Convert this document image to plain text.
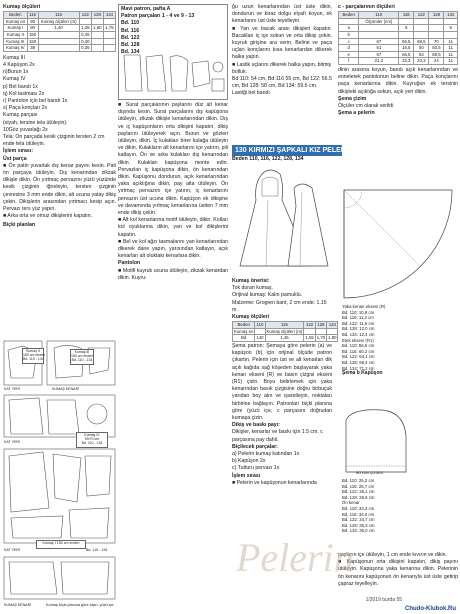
Kumaş ölçüleri
Beden	116	116	122	128	134
Kumaş en	90	Kumaş ölçüleri (m)			
Kumaş I	90	1,40	1,35	1,60	1,75
Kumaş II	150		0,45		
Kumaş III	150		0,40		
Kumaş IV	38		0,35		
Kumaş III
4 Kapüşon 2x
n)Burun 1x
Kumaş IV
p) Bel bandı 1x
q) Kol taslması 2x
r) Pantolon için bel bandı 1x
s) Paça konçları 2x
Kumaş parçası
(siyah, tersine tela ütüleyin):
10Göz yuvarlağı 2x
Tela: On parçada kesik çizginin tersten 2 cm ende tela ütüleyin.
İşlem sırası:
Üst parça
■ Ön patin yuvarlak dış kenar payını kesin. Pati ön parçaya ütüleyin. Dış kenarından zikzak dikişle dikin. Ön yırtmaç pervazını yüzü yüzünde kesik çizginin iğneleyin, tersten çizginin çevresine 3 mm ende dikin, alt ucuna yatay dikiş çekin. Dikişlerin arasından yırtmacı kesip açın. Pervazı ters yüz yapın.
■ Arka orta ve omuz dikişlerini kapatın.
Biçki planları
Kumaş II
150 cm enden
Bd. 110 - 134
Kumaş III
150 cm enden
Bd. 110 - 134
KAT YERİ	KUMAŞ KENARI
Kumaş IV
90/70 cm
Bd. 110 - 134
KAT YERİ
Kumaş I 150 cm enden
KAT YERİ	Bd. 110 - 134
KUMAŞ KENARI	Kumaş biçki planına göre biçin, yüzü içe.
Mavi patron, pafta A
Patron parçaları 1 - 4 ve 9 - 13
Bd. 110
Bd. 116
Bd. 122
Bd. 128
Bd. 134
■ Surat parçalarının paylarını düz alt kenar dışında kesin. Surat parçalarını dış kapüşona ütüleyin, zikzak dikişle kenarlarından dikin. Dış ve iç kapüşonların orta dikişini kapatın, dikiş paylarını ütüleyerek açın. Burun ve gözleri ütüleyin, dikin. İç kulakları birer kulağa ütüleyin ve dikin. Kulakların alt kenarlarını içe yatırın, pili katlayın. Ön ve arka kulakları dış kenarından dikin. Kulakları kapüşona monte edin. Pervazları iç kapüşona dikin, ön kenarından dikin. Kapüşonu dondurun, açık kenarlarından yaka açıklığına dikin, pay alta ütüleyin. Ön yırtmaç pervazını içe yatırın, iç kenarlarını pervazın üst ucuna dikin. Kapüşon ek dikişine ve devamında yırtmaç kenarlarına üstten 7 mm ende dikiş çekin.
■ Alt kol kenarlarına motif ütüleyin, dikin. Kolları kol oyuklarına dikin, yan ve kol dikişlerini kapatın.
■ Bel ve kol ağzı tasmalarını yan kenarlarından dikerek daire yapın, yarısından katlayın, açık kenarları alt oluktaki kenarlara dikin.
Pantolon
■ Motifi kuyruk ucuna ütüleyin, zikzak kenardan dikin. Kuyru-
ğu uzun kenarlarından üst üste dikin, dondurun ve biraz dolgu elyafı koyun, ek kenarlarını üst üste teyelleyin.
■ Yan ve bacak arası dikişleri kapatın. Bacakları iç içe sokun ve orta dikişi çekin, kuyruk girişine ara verin. Beline ve paça uçları konçlarını kısa kenarlardan dikerek halka yapın.
■ Lastik uçlarını dikerek halka yapın, bitmiş bolluk:
Bd 110: 54 cm, Bd 116 55 cm, Bd 122: 56.5 cm, Bd 128: 58 cm, Bd 134: 59.5 cm. Lastiği bel bandı
130 KIRMIZI ŞAPKALI KIZ PELERİNİ
Beden 110, 116, 122, 128, 134
Kumaş önerisi:
Tok duran kumaş.
Orijinal kumaş: Kalın pamuklu.
Malzeme: Grogren bant, 2 cm ende: 1.15 m.
Kumaş ölçüleri
Beden	110	116	122	128	134
Kumaş en		Kumaş ölçüleri (m)			
Bd	140	1,45	1,55	1,70	1,80
Şema patron: Şemaya göre pelerin (a) ve kapüşon (b) için orijinal ölçüde patron çıkartın. Pelerin için üst ve alt kenarları dik açılı kağıda sağ köşeden başlayarak yaka kenarı ekseni (R) ve basın çizgisi ekseni (R1) çizin. Boyu belirlemek için yaka kenarından basık çizgisine doğru birbuçuk yarıdan boy alın ve işaretleyin, noktaları birbirine bağlayın. Patronları biçki planına göre (yüzü içe, c parçasını doğrudan kumaşa çizin.
Dikiş ve baskı payı:
Dikişler, kenarlar ve baskı için 1.5 cm. c parçasına pay dahil.
Biçilecek parçalar:
a) Pelerin kumaş katından 1x
b) Kapüşon 2x
c) Tutturu pervazı 1x
İşlem sırası
■ Pelerin ve kapüşonun kenarlarında
c - parçalarının ölçüleri
Beden	110	116	122	128	134
	Ölçümler (cm)				
a		5			5
b					
c	67	66,5	68,5	70	11
d	51	16,5	50	50,5	11
e	57	66,5	54	68,5	11
f	21,3	22,3	23,3	24	11
dinin arasına koyun, bandı açık kenarlarından ve ennelerek pantolonun beline dikin. Paça konçlarını paça kenarlarına dikin. Kuyruğun ek tersinin dikişteki açıklığa sokun, açık yeri dikin.
Şema çizim
Ölçüler cm olarak verildi
Şema a pelerin
Yaka kenarı ekseni (R)
Bd. 110: 10,8 cm
Bd. 116: 11,2 cm
Bd. 122: 11,6 cm
Bd. 128: 12,0 cm
Bd. 134: 12,4 cm
Etek ekseni (R1)
Bd. 110: 56,6 cm
Bd. 116: 60,2 cm
Bd. 122: 64,1 cm
Bd. 128: 68,4 cm
Bd. 134: 71,2 cm
Şema b Kapüşon
BOYUN ÇİZGİSİ
Bd. 110: 25,2 cm
Bd. 116: 25,7 cm
Bd. 122: 26,1 cm
Bd. 128: 26,6 cm
Ön kenar
Bd. 110: 33,3 cm
Bd. 116: 34,0 cm
Bd. 122: 34,7 cm
Bd. 128: 35,3 cm
Bd. 134: 36,0 cm
payların içe ütüleyin, 1 cm ende kıvırın ve dikin.
■ Kapüşonun orta dikişini kapatın, dikiş payını ütüleyin. Kapüşonu yaka kenarına dikin. Pelerinin ön kenarını kapüşonun ön kenarıyla üst üste getirip çapraz teyelleyin.
Pelerin
1/2019 burda 55
Chudo-Klubok.Ru
